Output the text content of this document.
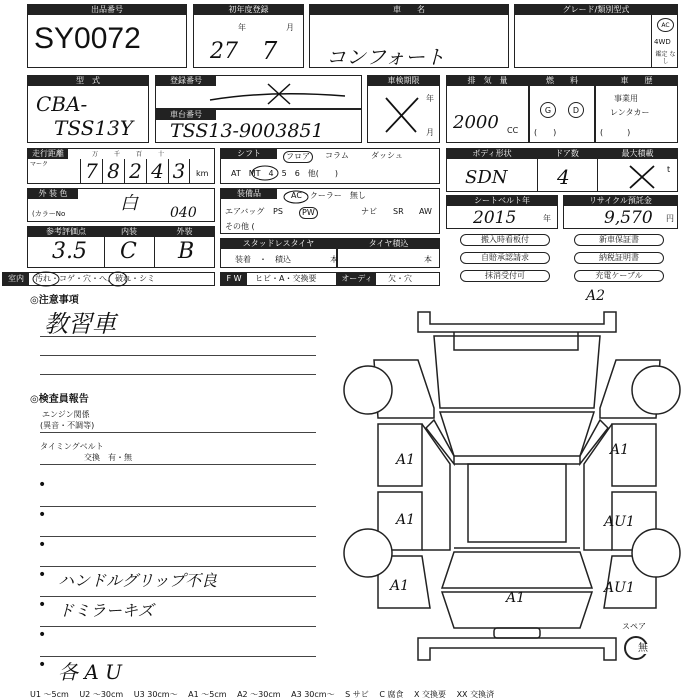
出品番号
SY0072
初年度登録
年	月
27 7
車　　名
コンフォート
グレード/類別型式
AC
4WD
鑑定 なし
型　式
CBA-
TSS13Y
登録番号
車台番号
TSS13-9003851
車検期限
年
月
排　気　量
2000 CC
燃　　料
G	D
(　　)
車　　歴
事業用
レンタカー
(　　　)
走行距離
マーク
万	千	百	十
7 8 2 4 3	km
シフト	フロア	コラム	ダッシュ
AT　MT　4　5　6　他(　　)
ボディ形状	ドア数	最大積載
SDN 4	t
外 装 色
(カラーNo	白 040
装備品	AC　クーラー　無し
エアバッグ PS	PW	ナビ SR AW
その他 (
シートベルト年
2015	年
リサイクル預託金
9,570 円
参考評価点	内装	外装
3.5 C B	スタッドレスタイヤ
装着　・　積込
タイヤ積込
本	本
搬入時看板付	新車保証書
自賠承認請求	納税証明書
抹消受付可	充電ケーブル
室内	汚れ・コゲ・穴・へ、破れ・シミ	F W	ヒビ・A・交換要	オーディオ
欠・穴
◎注意事項
教習車
◎検査員報告
エンジン関係
(異音・不調等)
タイミングベルト
交換　有・無
•
•
•
• ハンドルグリップ不良
• ドミラーキズ
•
• 各 A U
A2
A1
A1
A1
A1
AU1
AU1
A1
スペア
無
U1 〜5cm U2 〜30cm U3 30cm〜 A1 〜5cm A2 〜30cm A3 30cm〜 S サビ C 腐食 X 交換要 XX 交換済
